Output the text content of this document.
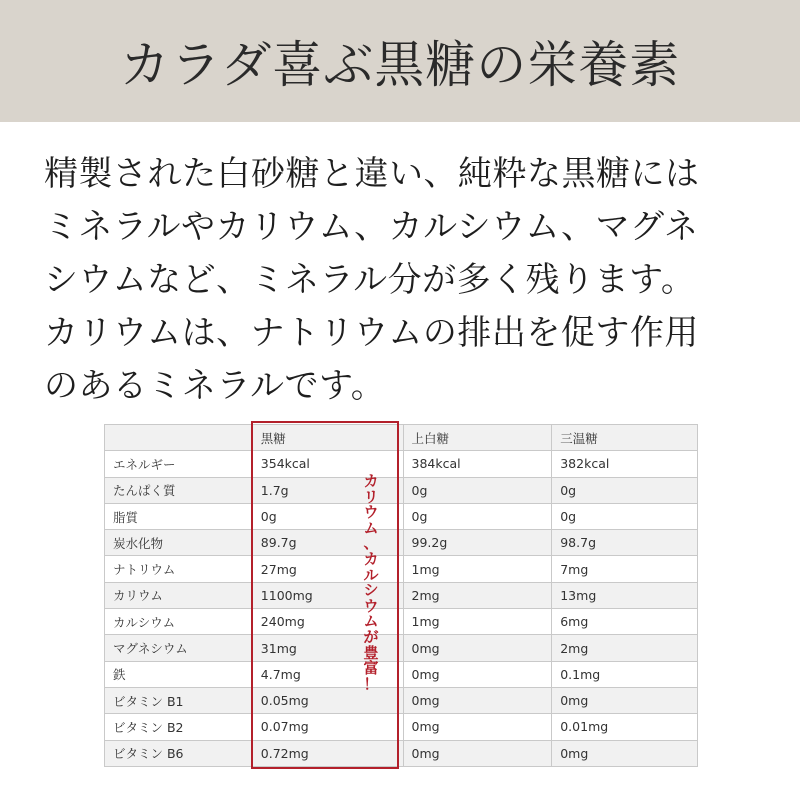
カラダ喜ぶ黒糖の栄養素
精製された白砂糖と違い、純粋な黒糖には
ミネラルやカリウム、カルシウム、マグネ
シウムなど、ミネラル分が多く残ります。
カリウムは、ナトリウムの排出を促す作用
のあるミネラルです。
	黒糖	上白糖	三温糖
エネルギー	354kcal	384kcal	382kcal
たんぱく質	1.7g	0g	0g
脂質	0g	0g	0g
炭水化物	89.7g	99.2g	98.7g
ナトリウム	27mg	1mg	7mg
カリウム	1100mg	2mg	13mg
カルシウム	240mg	1mg	6mg
マグネシウム	31mg	0mg	2mg
鉄	4.7mg	0mg	0.1mg
ビタミン B1	0.05mg	0mg	0mg
ビタミン B2	0.07mg	0mg	0.01mg
ビタミン B6	0.72mg	0mg	0mg
カ
リ
ウ
ム
、
カ
ル
シ
ウ
ム
が
豊
富
！
